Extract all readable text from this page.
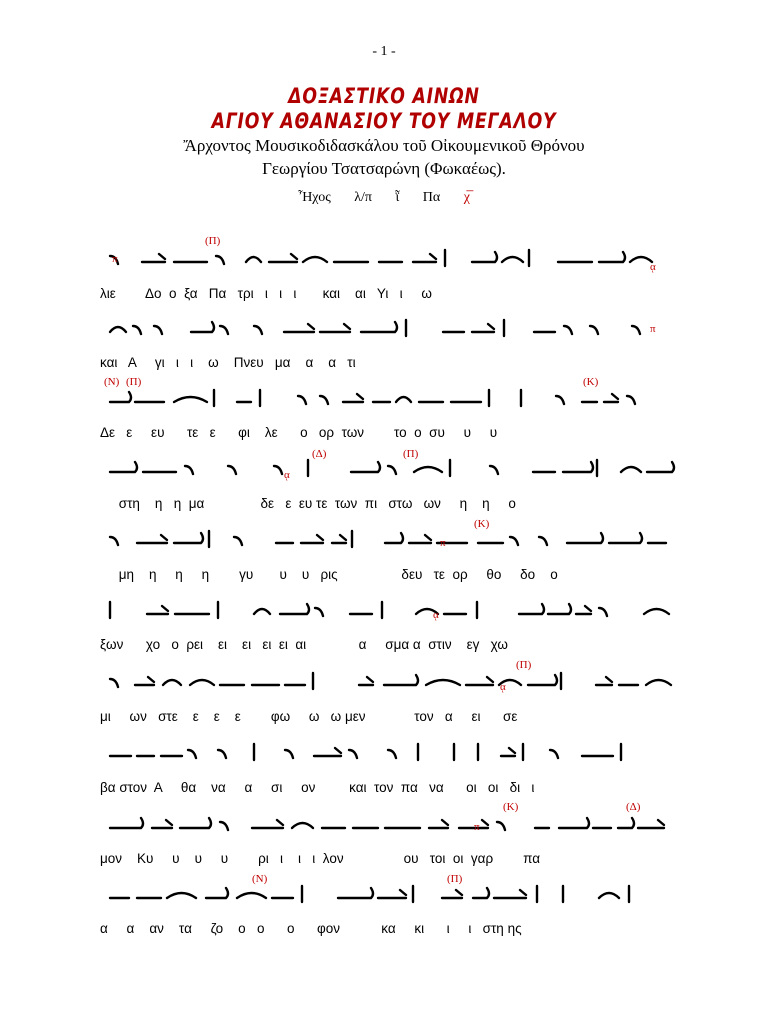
- 1 -
ΔΟΞΑΣΤΙΚΟ ΑΙΝΩΝ
ΑΓΙΟΥ ΑΘΑΝΑΣΙΟΥ ΤΟΥ ΜΕΓΑΛΟΥ
Ἄρχοντος Μουσικοδιδασκάλου τοῦ Οἰκουμενικοῦ Θρόνου
Γεωργίου Τσατσαρώνη (Φωκαέως).
Ἦχος λ/π ῗ Πα χ̅
π
ᾳ
π
ᾳ
π
ᾳ
ᾳ
π
(Π)
(Ν) (Π)	(Κ)
(Δ)	(Π)
(Κ)
(Π)
(Κ)	(Δ)
(Ν)	(Π)
λιε        Δο  ο  ξα   Πα   τρι   ι   ι   ι       και    αι   Υι   ι     ω
και   Α     γι   ι   ι    ω    Πνευ   μα    α    α   τι
Δε   ε     ευ      τε   ε      φι    λε      ο   ορ  των        το  ο  συ     υ     υ
στη    η   η  μα               δε   ε  ευ τε  των  πι   στω   ων     η    η     ο
μη    η     η     η        γυ       υ    υ   ρις                 δευ   τε  ορ     θο     δο    ο
ξων      χο   ο  ρει    ει    ει   ει  ει  αι              α     σμα α  στιν    εγ   χω
μι     ων   στε    ε    ε    ε        φω     ω   ω μεν             τον   α     ει      σε
βα στον  Α     θα    να     α     σι     ον         και  τον  πα   να      οι   οι   δι   ι
μον    Κυ     υ    υ     υ        ρι   ι    ι   ι  λον                ου   τοι  οι  γαρ        πα
α     α    αν    τα     ζο    ο   ο      ο      φον           κα     κι      ι     ι   στη ης
